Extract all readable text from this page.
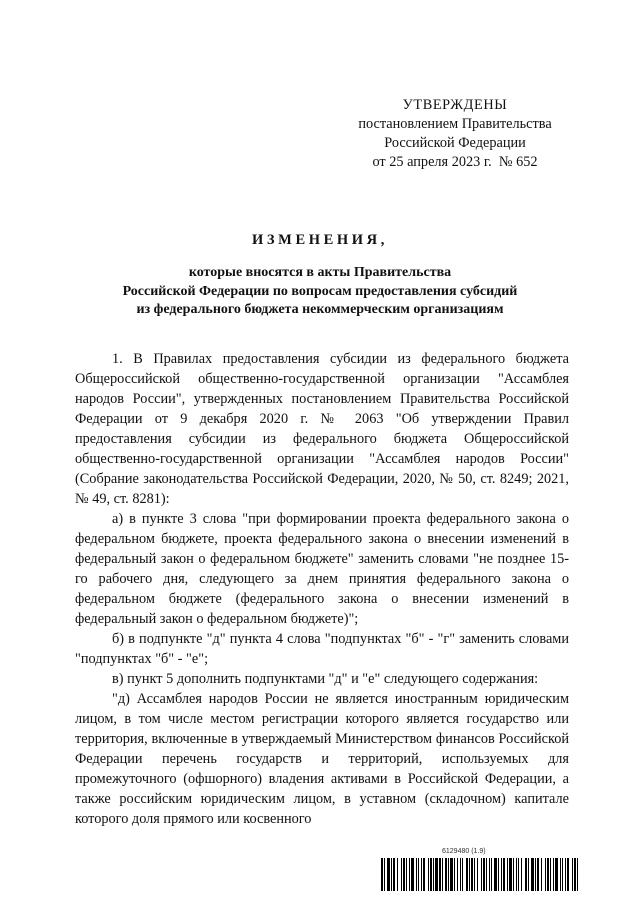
УТВЕРЖДЕНЫ
постановлением Правительства
Российской Федерации
от 25 апреля 2023 г.  № 652
ИЗМЕНЕНИЯ,
которые вносятся в акты Правительства
Российской Федерации по вопросам предоставления субсидий
из федерального бюджета некоммерческим организациям

1. В Правилах предоставления субсидии из федерального бюджета Общероссийской общественно-государственной организации "Ассамблея народов России", утвержденных постановлением Правительства Российской Федерации от 9 декабря 2020 г. № 2063 "Об утверждении Правил предоставления субсидии из федерального бюджета Общероссийской общественно-государственной организации "Ассамблея народов России" (Собрание законодательства Российской Федерации, 2020, № 50, ст. 8249; 2021, № 49, ст. 8281):

а) в пункте 3 слова "при формировании проекта федерального закона о федеральном бюджете, проекта федерального закона о внесении изменений в федеральный закон о федеральном бюджете" заменить словами "не позднее 15-го рабочего дня, следующего за днем принятия федерального закона о федеральном бюджете (федерального закона о внесении изменений в федеральный закон о федеральном бюджете)";

б) в подпункте "д" пункта 4 слова "подпунктах "б" - "г" заменить словами "подпунктах "б" - "е";

в) пункт 5 дополнить подпунктами "д" и "е" следующего содержания:

"д) Ассамблея народов России не является иностранным юридическим лицом, в том числе местом регистрации которого является государство или территория, включенные в утверждаемый Министерством финансов Российской Федерации перечень государств и территорий, используемых для промежуточного (офшорного) владения активами в Российской Федерации, а также российским юридическим лицом, в уставном (складочном) капитале которого доля прямого или косвенного

6129480 (1.9)
